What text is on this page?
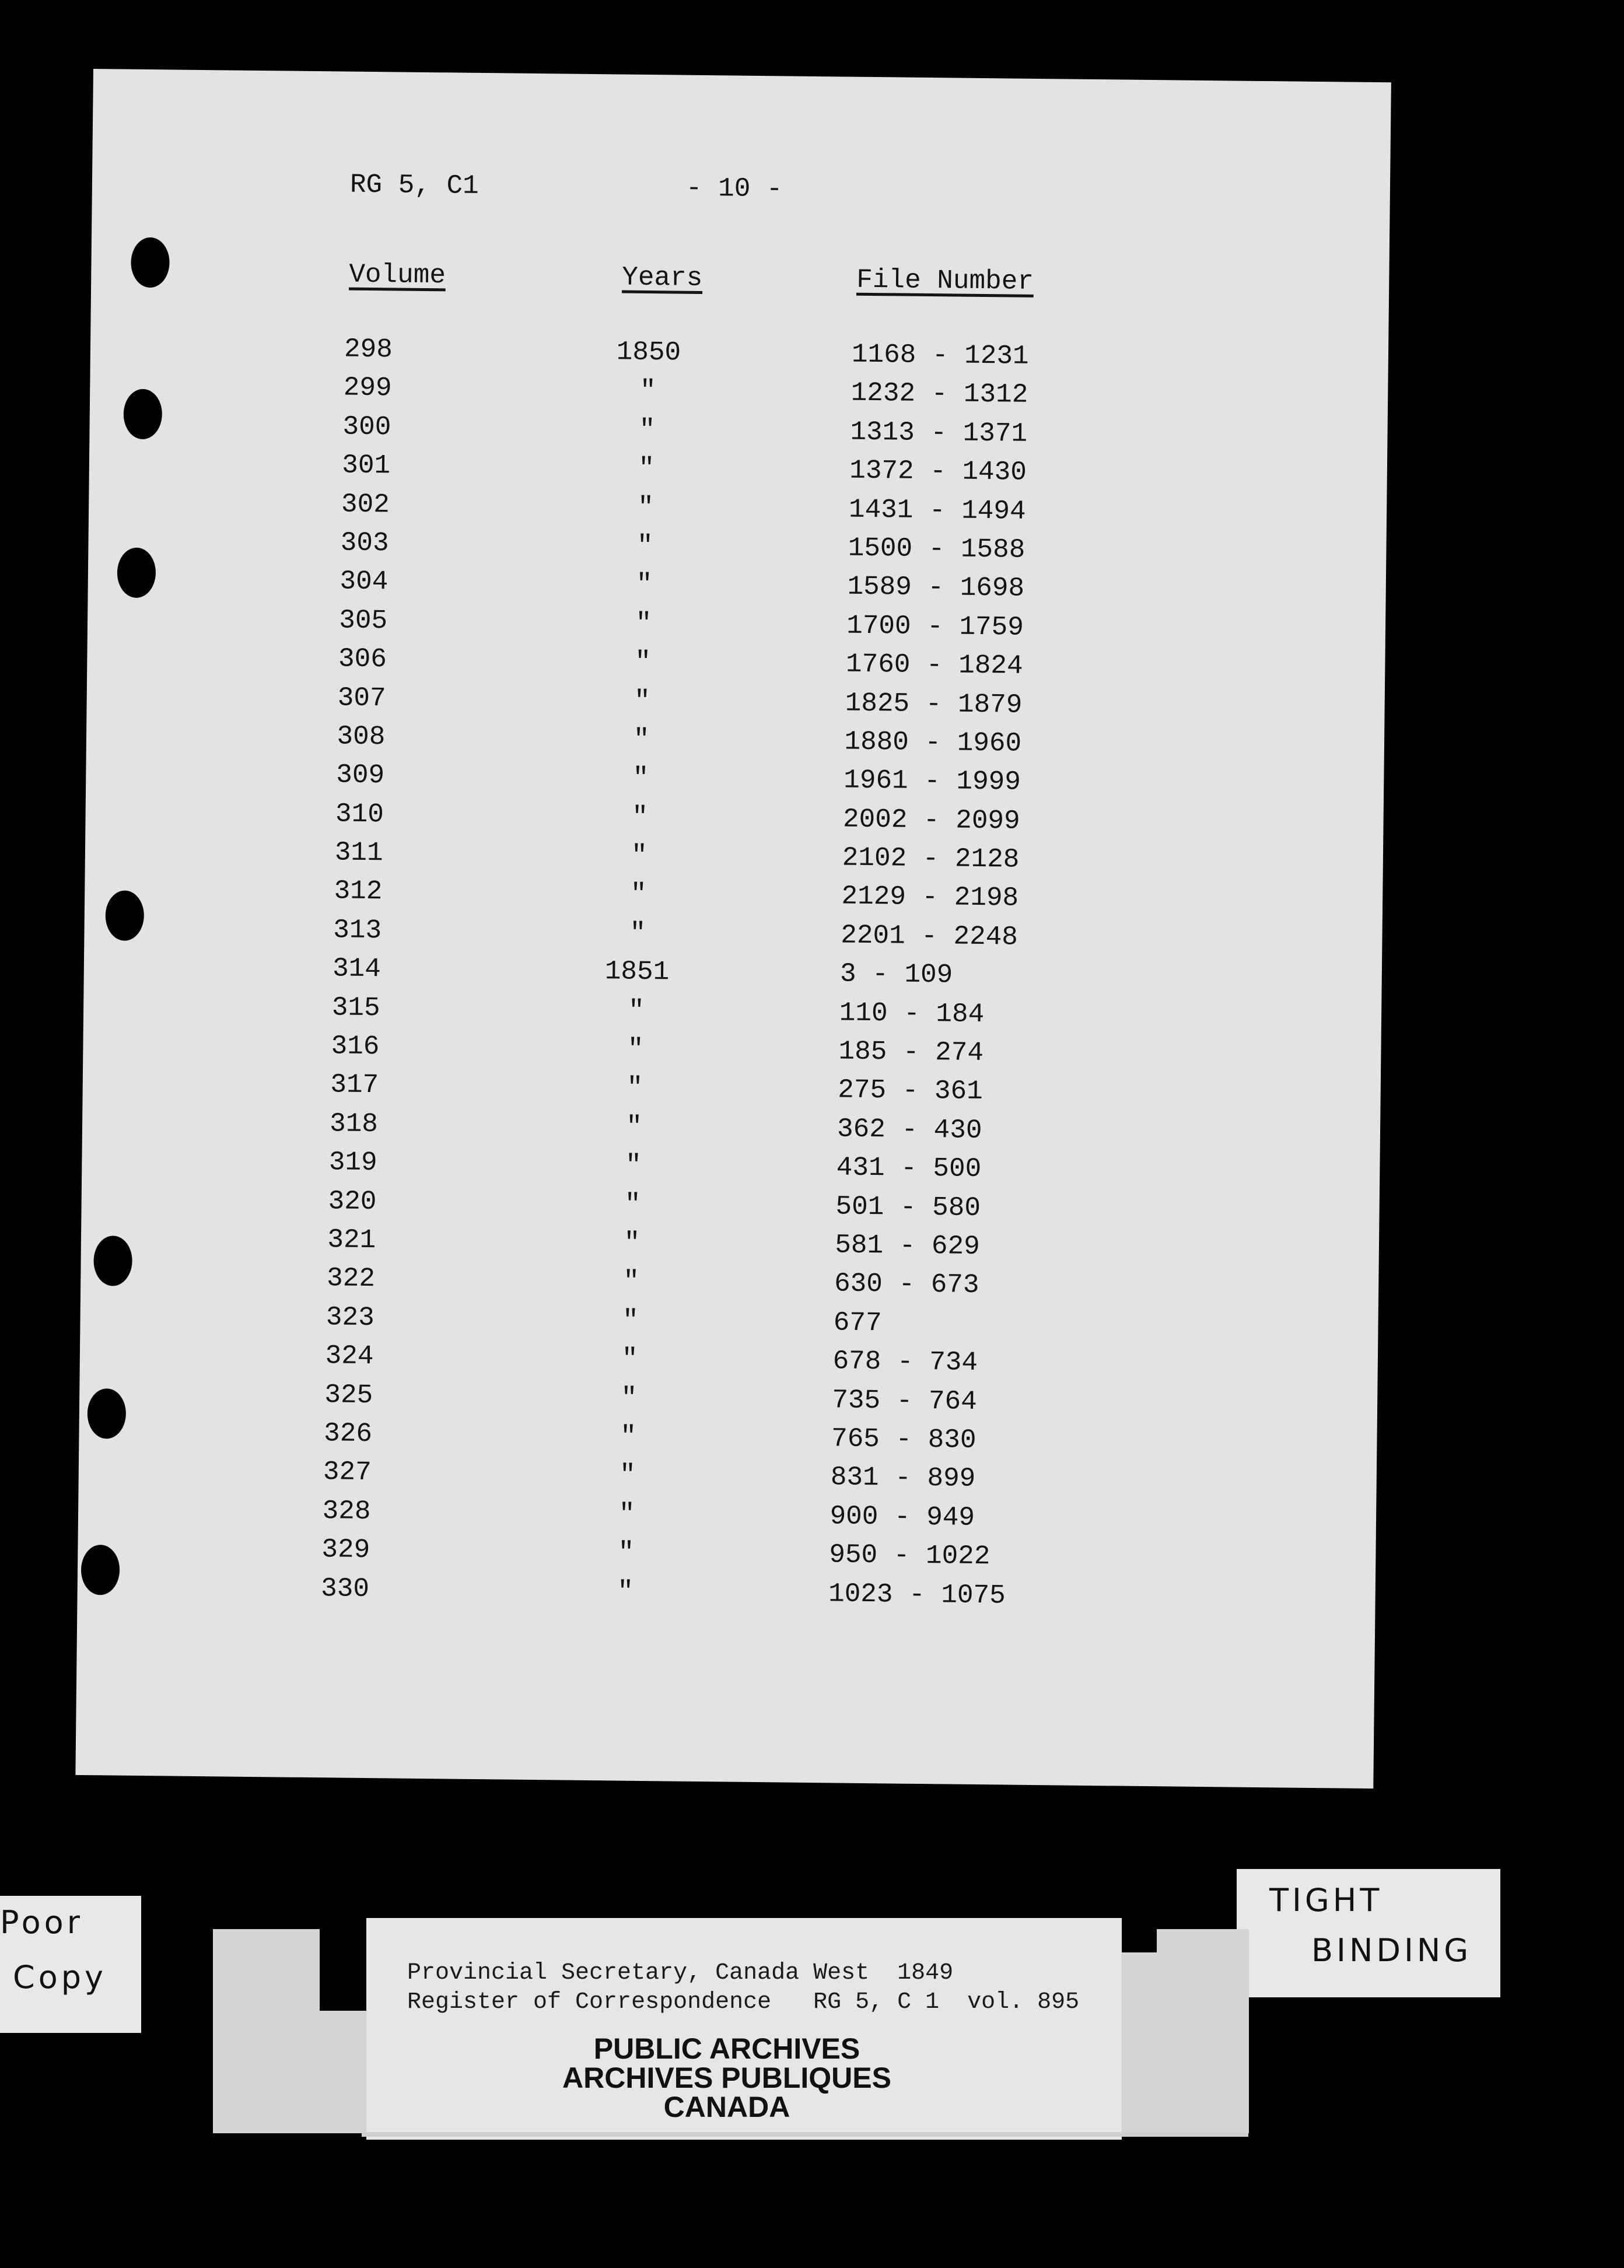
RG 5, C1	- 10 -
Volume	Years	File Number
298	1850	1168 - 1231
299	"	1232 - 1312
300	"	1313 - 1371
301	"	1372 - 1430
302	"	1431 - 1494
303	"	1500 - 1588
304	"	1589 - 1698
305	"	1700 - 1759
306	"	1760 - 1824
307	"	1825 - 1879
308	"	1880 - 1960
309	"	1961 - 1999
310	"	2002 - 2099
311	"	2102 - 2128
312	"	2129 - 2198
313	"	2201 - 2248
314	1851	3 - 109
315	"	110 - 184
316	"	185 - 274
317	"	275 - 361
318	"	362 - 430
319	"	431 - 500
320	"	501 - 580
321	"	581 - 629
322	"	630 - 673
323	"	677
324	"	678 - 734
325	"	735 - 764
326	"	765 - 830
327	"	831 - 899
328	"	900 - 949
329	"	950 - 1022
330	"	1023 - 1075
Poor
Copy
TIGHT
BINDING
Provincial Secretary, Canada West  1849
Register of Correspondence   RG 5, C 1  vol. 895
PUBLIC ARCHIVES
ARCHIVES PUBLIQUES
CANADA
